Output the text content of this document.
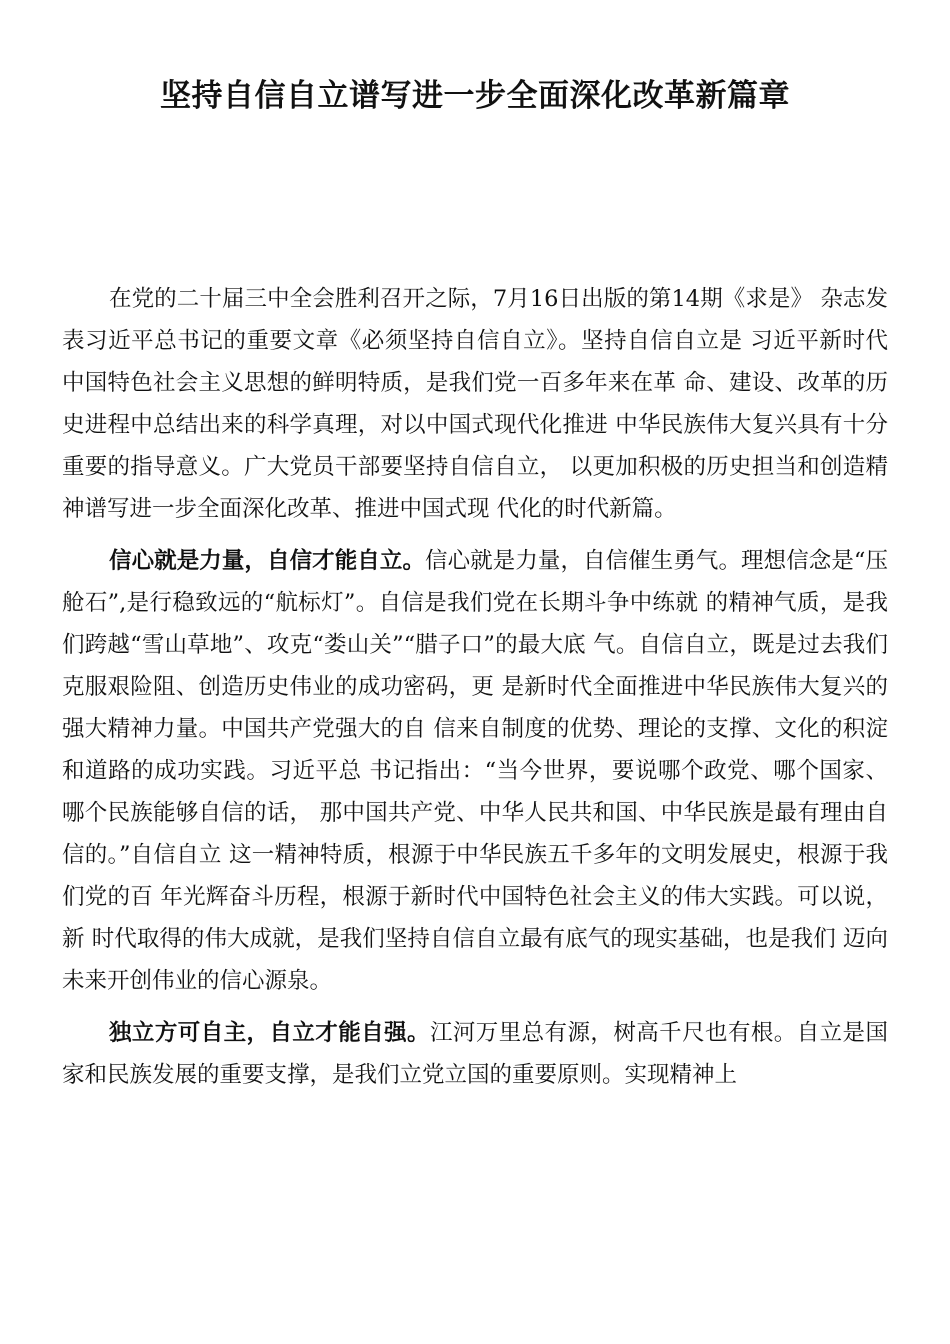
坚持自信自立谱写进一步全面深化改革新篇章

在党的二十届三中全会胜利召开之际，7月16日出版的第14期《求是》 杂志发表习近平总书记的重要文章《必须坚持自信自立》。坚持自信自立是 习近平新时代中国特色社会主义思想的鲜明特质，是我们党一百多年来在革 命、建设、改革的历史进程中总结出来的科学真理，对以中国式现代化推进 中华民族伟大复兴具有十分重要的指导意义。广大党员干部要坚持自信自立， 以更加积极的历史担当和创造精神谱写进一步全面深化改革、推进中国式现 代化的时代新篇。

信心就是力量，自信才能自立。信心就是力量，自信催生勇气。理想信念是“压舱石”,是行稳致远的“航标灯”。自信是我们党在长期斗争中练就 的精神气质，是我们跨越“雪山草地”、攻克“娄山关”“腊子口”的最大底 气。自信自立，既是过去我们克服艰险阻、创造历史伟业的成功密码，更 是新时代全面推进中华民族伟大复兴的强大精神力量。中国共产党强大的自 信来自制度的优势、理论的支撑、文化的积淀和道路的成功实践。习近平总 书记指出：“当今世界，要说哪个政党、哪个国家、哪个民族能够自信的话， 那中国共产党、中华人民共和国、中华民族是最有理由自信的。”自信自立 这一精神特质，根源于中华民族五千多年的文明发展史，根源于我们党的百 年光辉奋斗历程，根源于新时代中国特色社会主义的伟大实践。可以说，新 时代取得的伟大成就，是我们坚持自信自立最有底气的现实基础，也是我们 迈向未来开创伟业的信心源泉。

独立方可自主，自立才能自强。江河万里总有源，树高千尺也有根。自立是国家和民族发展的重要支撑，是我们立党立国的重要原则。实现精神上
